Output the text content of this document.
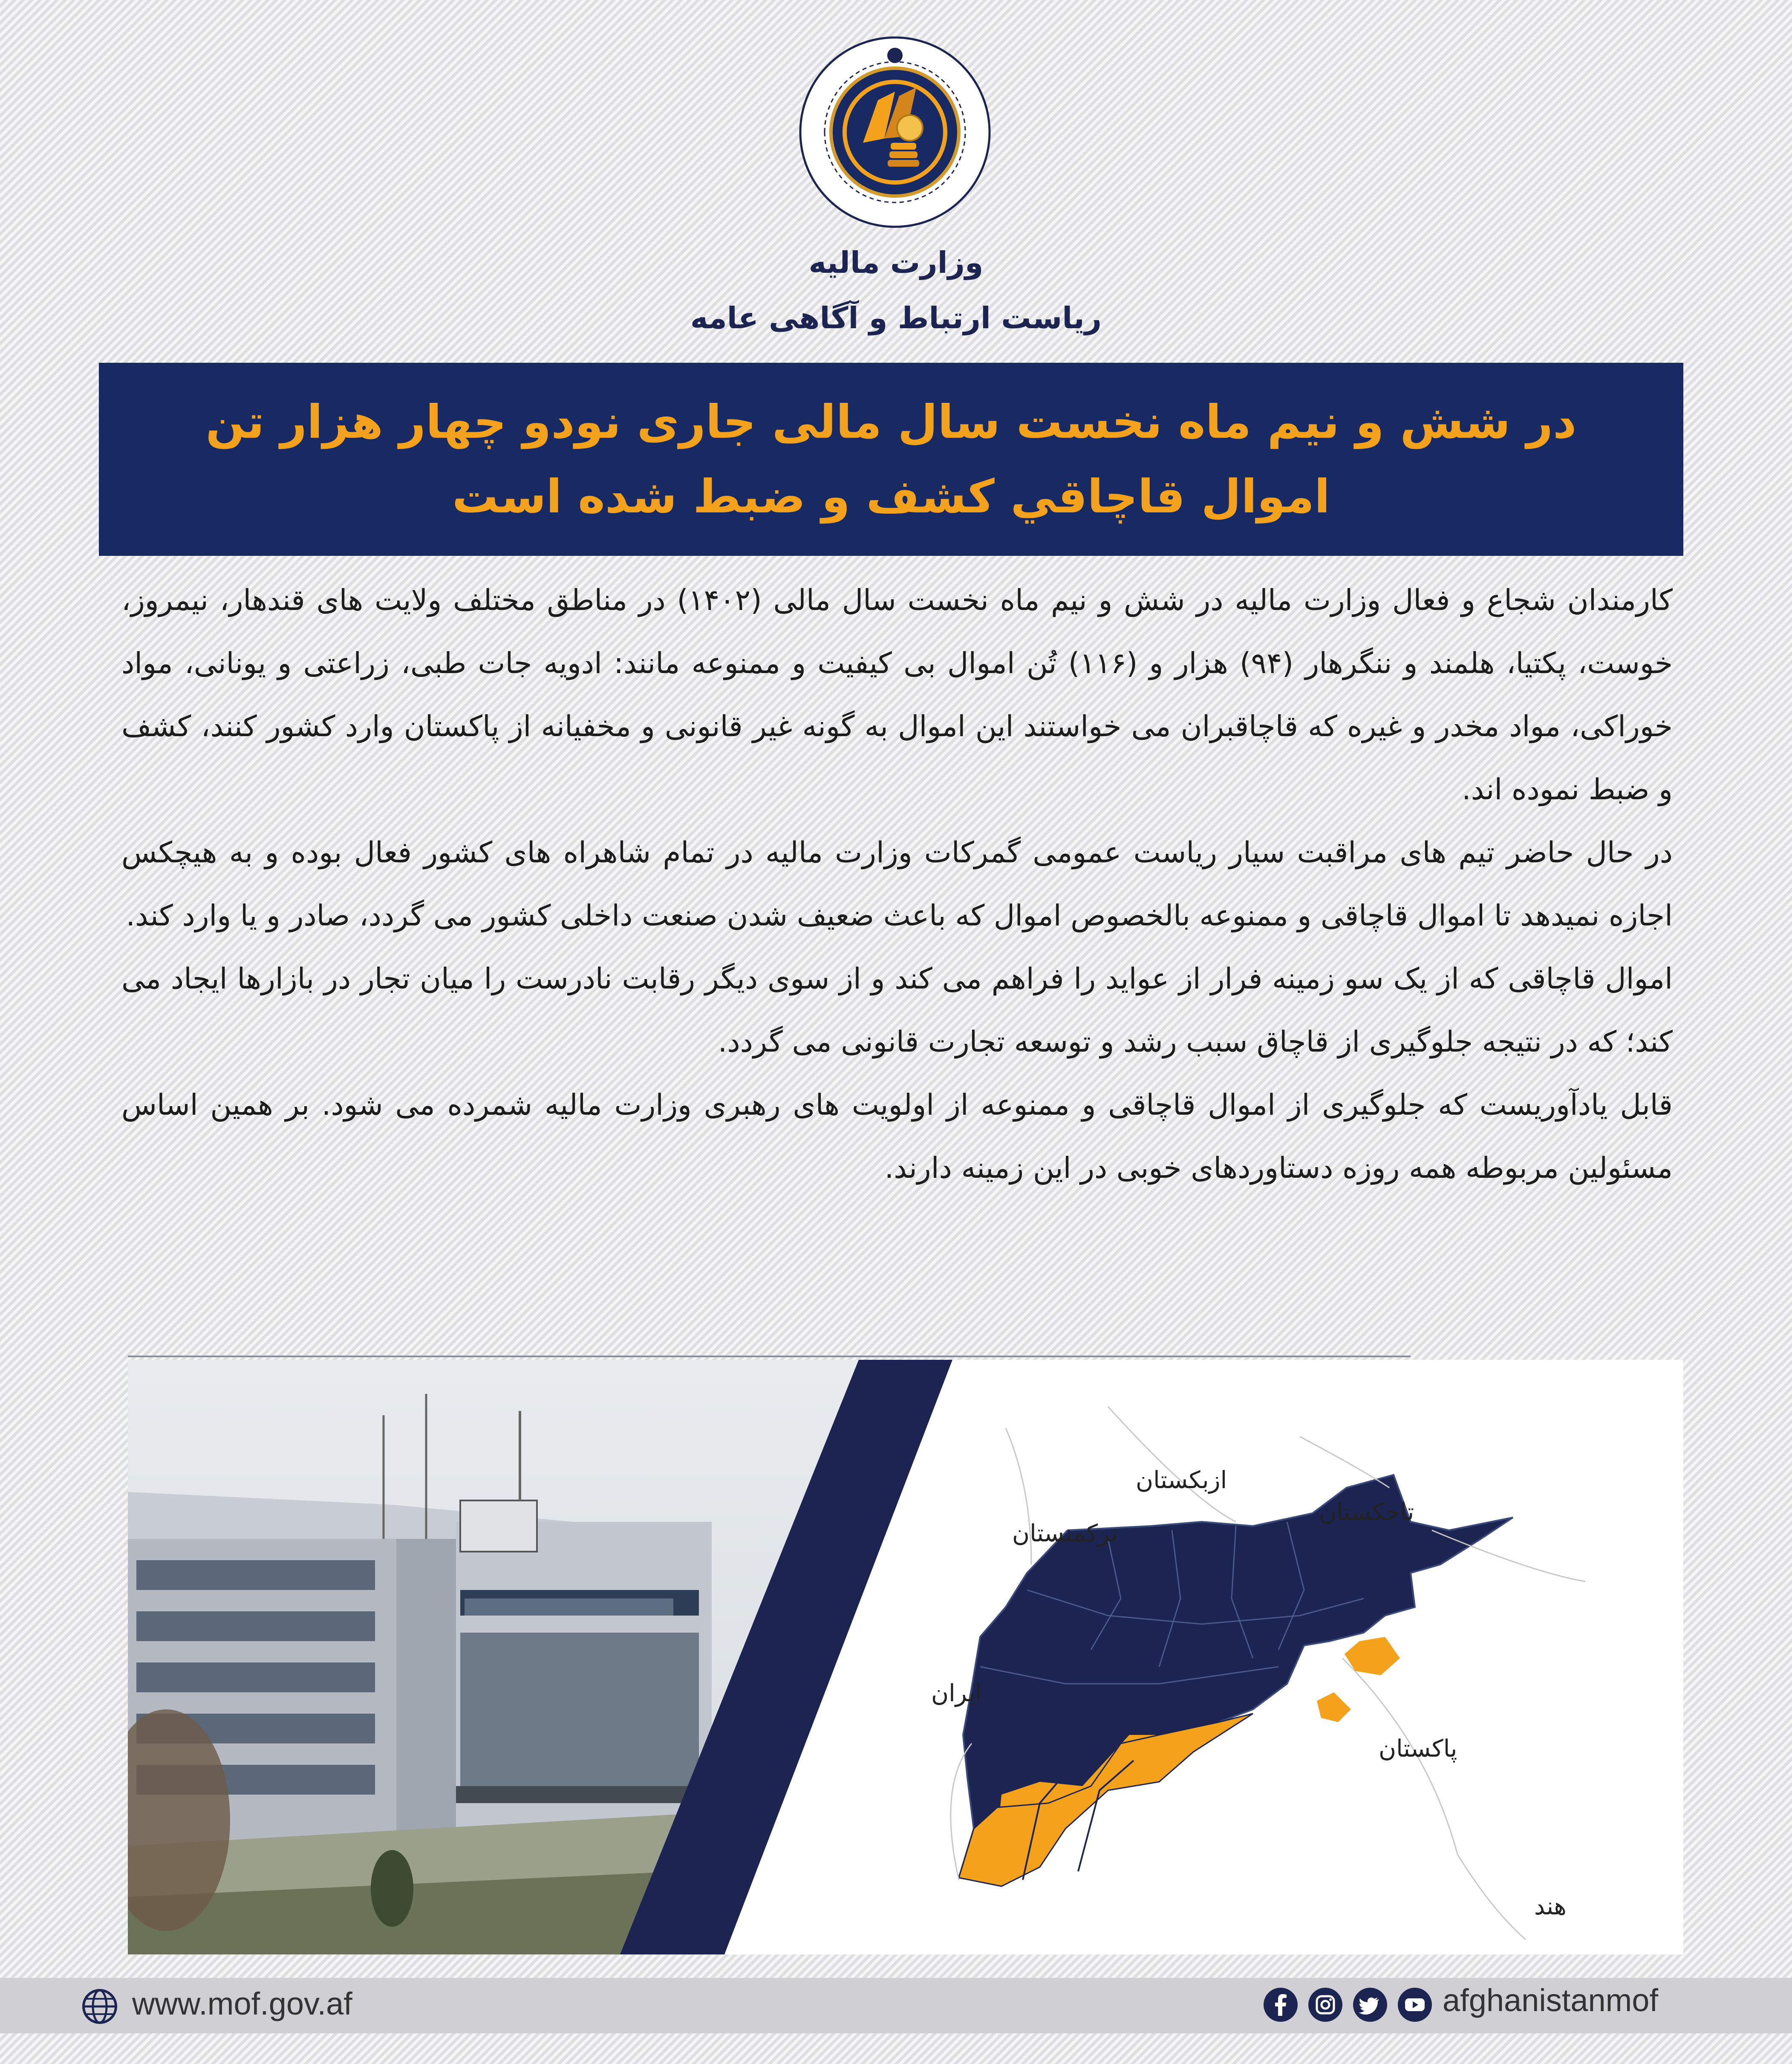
وزارت مالیه
ریاست ارتباط و آگاهی عامه

در شش و نیم ماه نخست سال مالی جاری نودو چهار هزار تن اموال قاچاقي کشف و ضبط شده است

کارمندان شجاع و فعال وزارت مالیه در شش و نیم ماه نخست سال مالی (۱۴۰۲) در مناطق مختلف ولایت های قندهار، نیمروز، خوست، پکتیا، هلمند و ننگرهار (۹۴) هزار و (۱۱۶) تُن اموال بی کیفیت و ممنوعه مانند: ادویه جات طبی، زراعتی و یونانی، مواد خوراکی، مواد مخدر و غیره که قاچاقبران می خواستند این اموال به گونه غیر قانونی و مخفیانه از پاکستان وارد کشور کنند، کشف و ضبط نموده اند.

در حال حاضر تیم های مراقبت سیار ریاست عمومی گمرکات وزارت مالیه در تمام شاهراه های کشور فعال بوده و به هیچکس اجازه نمیدهد تا اموال قاچاقی و ممنوعه بالخصوص اموال که باعث ضعیف شدن صنعت داخلی کشور می گردد، صادر و یا وارد کند.

اموال قاچاقی که از یک سو زمینه فرار از عواید را فراهم می کند و از سوی دیگر رقابت نادرست را میان تجار در بازارها ایجاد می کند؛ که در نتیجه جلوگیری از قاچاق سبب رشد و توسعه تجارت قانونی می گردد.

قابل یادآوریست که جلوگیری از اموال قاچاقی و ممنوعه از اولویت های رهبری وزارت مالیه شمرده می شود. بر همین اساس مسئولین مربوطه همه روزه دستاوردهای خوبی در این زمینه دارند.

ازبکستان
تاجکستان
ترکمنستان
ایران
پاکستان
هند
www.mof.gov.af	afghanistanmof
